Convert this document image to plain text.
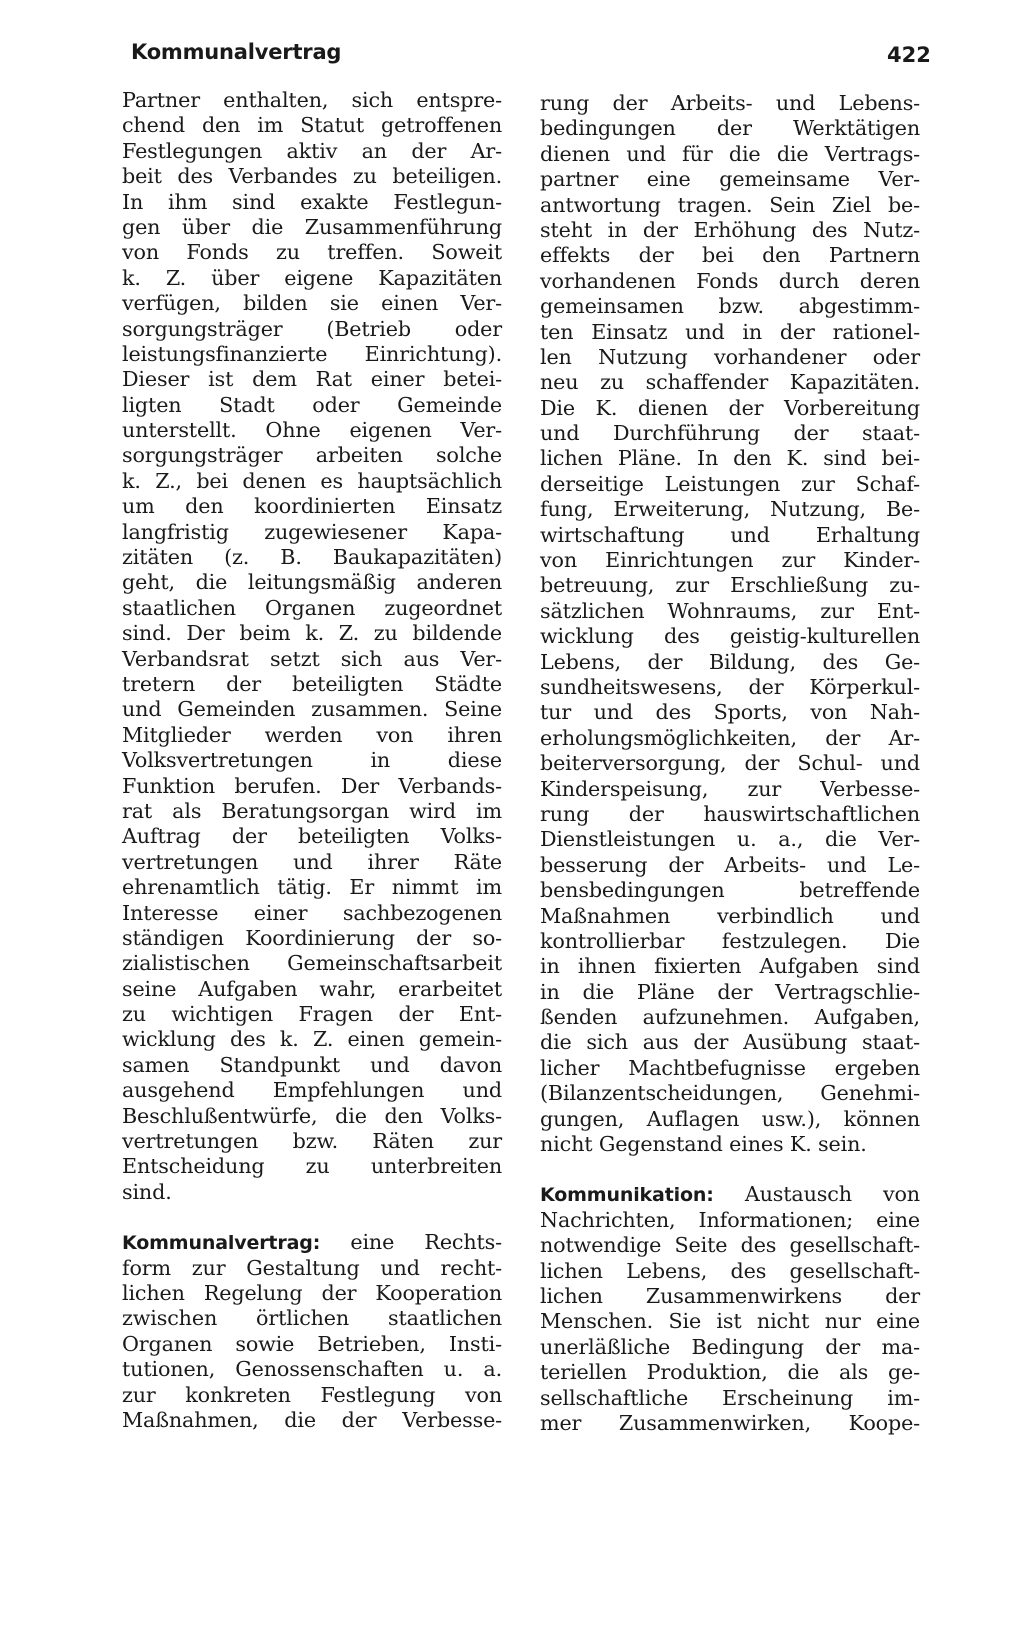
Kommunalvertrag	422
Partner enthalten, sich entspre-
chend den im Statut getroffenen
Festlegungen aktiv an der Ar-
beit des Verbandes zu beteiligen.
In ihm sind exakte Festlegun-
gen über die Zusammenführung
von Fonds zu treffen. Soweit
k. Z. über eigene Kapazitäten
verfügen, bilden sie einen Ver-
sorgungsträger (Betrieb oder
leistungsfinanzierte Einrichtung).
Dieser ist dem Rat einer betei-
ligten Stadt oder Gemeinde
unterstellt. Ohne eigenen Ver-
sorgungsträger arbeiten solche
k. Z., bei denen es hauptsächlich
um den koordinierten Einsatz
langfristig zugewiesener Kapa-
zitäten (z. B. Baukapazitäten)
geht, die leitungsmäßig anderen
staatlichen Organen zugeordnet
sind. Der beim k. Z. zu bildende
Verbandsrat setzt sich aus Ver-
tretern der beteiligten Städte
und Gemeinden zusammen. Seine
Mitglieder werden von ihren
Volksvertretungen in diese
Funktion berufen. Der Verbands-
rat als Beratungsorgan wird im
Auftrag der beteiligten Volks-
vertretungen und ihrer Räte
ehrenamtlich tätig. Er nimmt im
Interesse einer sachbezogenen
ständigen Koordinierung der so-
zialistischen Gemeinschaftsarbeit
seine Aufgaben wahr, erarbeitet
zu wichtigen Fragen der Ent-
wicklung des k. Z. einen gemein-
samen Standpunkt und davon
ausgehend Empfehlungen und
Beschlußentwürfe, die den Volks-
vertretungen bzw. Räten zur
Entscheidung zu unterbreiten
sind.
Kommunalvertrag: eine Rechts-
form zur Gestaltung und recht-
lichen Regelung der Kooperation
zwischen örtlichen staatlichen
Organen sowie Betrieben, Insti-
tutionen, Genossenschaften u. a.
zur konkreten Festlegung von
Maßnahmen, die der Verbesse-
rung der Arbeits- und Lebens-
bedingungen der Werktätigen
dienen und für die die Vertrags-
partner eine gemeinsame Ver-
antwortung tragen. Sein Ziel be-
steht in der Erhöhung des Nutz-
effekts der bei den Partnern
vorhandenen Fonds durch deren
gemeinsamen bzw. abgestimm-
ten Einsatz und in der rationel-
len Nutzung vorhandener oder
neu zu schaffender Kapazitäten.
Die K. dienen der Vorbereitung
und Durchführung der staat-
lichen Pläne. In den K. sind bei-
derseitige Leistungen zur Schaf-
fung, Erweiterung, Nutzung, Be-
wirtschaftung und Erhaltung
von Einrichtungen zur Kinder-
betreuung, zur Erschließung zu-
sätzlichen Wohnraums, zur Ent-
wicklung des geistig-kulturellen
Lebens, der Bildung, des Ge-
sundheitswesens, der Körperkul-
tur und des Sports, von Nah-
erholungsmöglichkeiten, der Ar-
beiterversorgung, der Schul- und
Kinderspeisung, zur Verbesse-
rung der hauswirtschaftlichen
Dienstleistungen u. a., die Ver-
besserung der Arbeits- und Le-
bensbedingungen betreffende
Maßnahmen verbindlich und
kontrollierbar festzulegen. Die
in ihnen fixierten Aufgaben sind
in die Pläne der Vertragschlie-
ßenden aufzunehmen. Aufgaben,
die sich aus der Ausübung staat-
licher Machtbefugnisse ergeben
(Bilanzentscheidungen, Genehmi-
gungen, Auflagen usw.), können
nicht Gegenstand eines K. sein.
Kommunikation: Austausch von
Nachrichten, Informationen; eine
notwendige Seite des gesellschaft-
lichen Lebens, des gesellschaft-
lichen Zusammenwirkens der
Menschen. Sie ist nicht nur eine
unerläßliche Bedingung der ma-
teriellen Produktion, die als ge-
sellschaftliche Erscheinung im-
mer Zusammenwirken, Koope-
